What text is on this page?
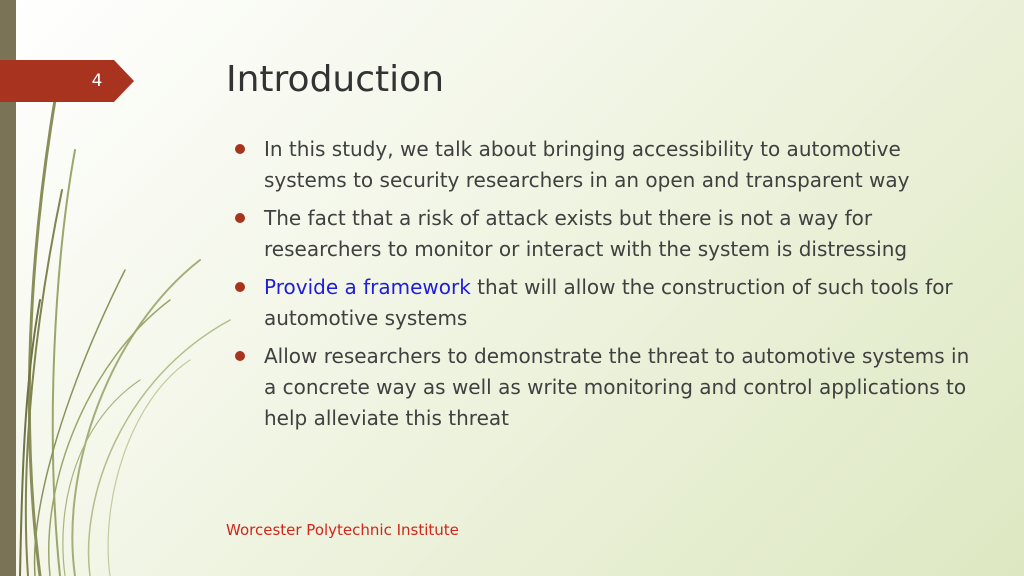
4	Introduction
In this study, we talk about bringing accessibility to automotive systems to security researchers in an open and transparent way
The fact that a risk of attack exists but there is not a way for researchers to monitor or interact with the system is distressing
Provide a framework that will allow the construction of such tools for automotive systems
Allow researchers to demonstrate the threat to automotive systems in a concrete way as well as write monitoring and control applications to help alleviate this threat
Worcester Polytechnic Institute
